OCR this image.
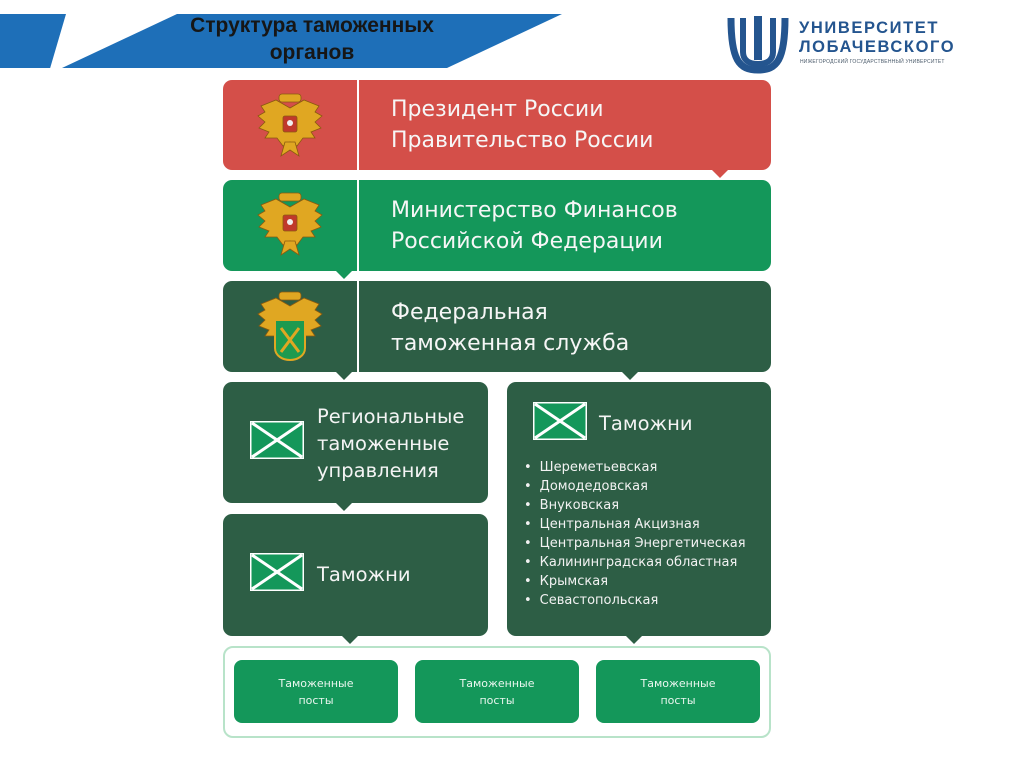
Структура таможенных органов
УНИВЕРСИТЕТ
ЛОБАЧЕВСКОГО
НИЖЕГОРОДСКИЙ ГОСУДАРСТВЕННЫЙ УНИВЕРСИТЕТ
Президент России
Правительство России
Министерство Финансов
Российской Федерации
Федеральная
таможенная служба
Региональные
таможенные
управления
Таможни
Таможни
• Шереметьевская
• Домодедовская
• Внуковская
• Центральная Акцизная
• Центральная Энергетическая
• Калининградская областная
• Крымская
• Севастопольская
Таможенные
посты
Таможенные
посты
Таможенные
посты
